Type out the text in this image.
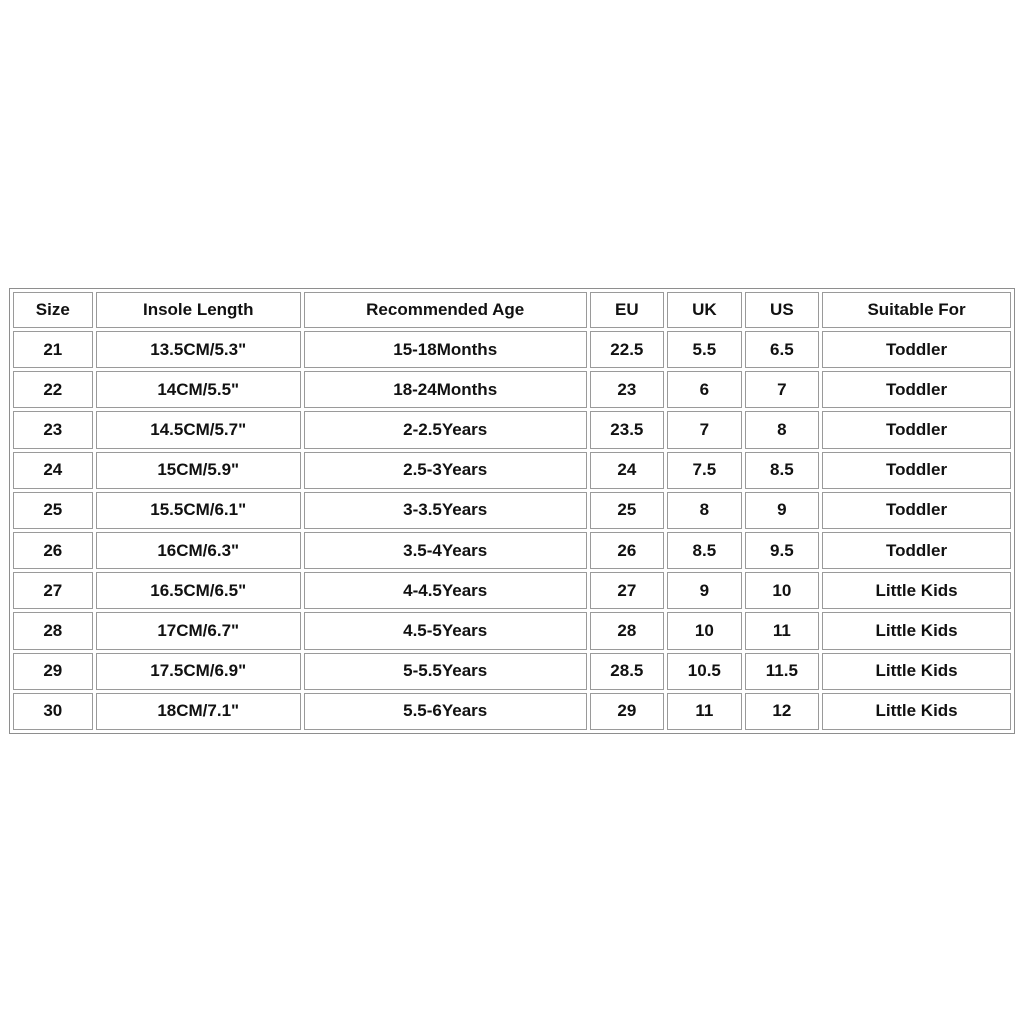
Size	Insole Length	Recommended Age	EU	UK	US	Suitable For
21	13.5CM/5.3"	15-18Months	22.5	5.5	6.5	Toddler
22	14CM/5.5"	18-24Months	23	6	7	Toddler
23	14.5CM/5.7"	2-2.5Years	23.5	7	8	Toddler
24	15CM/5.9"	2.5-3Years	24	7.5	8.5	Toddler
25	15.5CM/6.1"	3-3.5Years	25	8	9	Toddler
26	16CM/6.3"	3.5-4Years	26	8.5	9.5	Toddler
27	16.5CM/6.5"	4-4.5Years	27	9	10	Little Kids
28	17CM/6.7"	4.5-5Years	28	10	11	Little Kids
29	17.5CM/6.9"	5-5.5Years	28.5	10.5	11.5	Little Kids
30	18CM/7.1"	5.5-6Years	29	11	12	Little Kids
